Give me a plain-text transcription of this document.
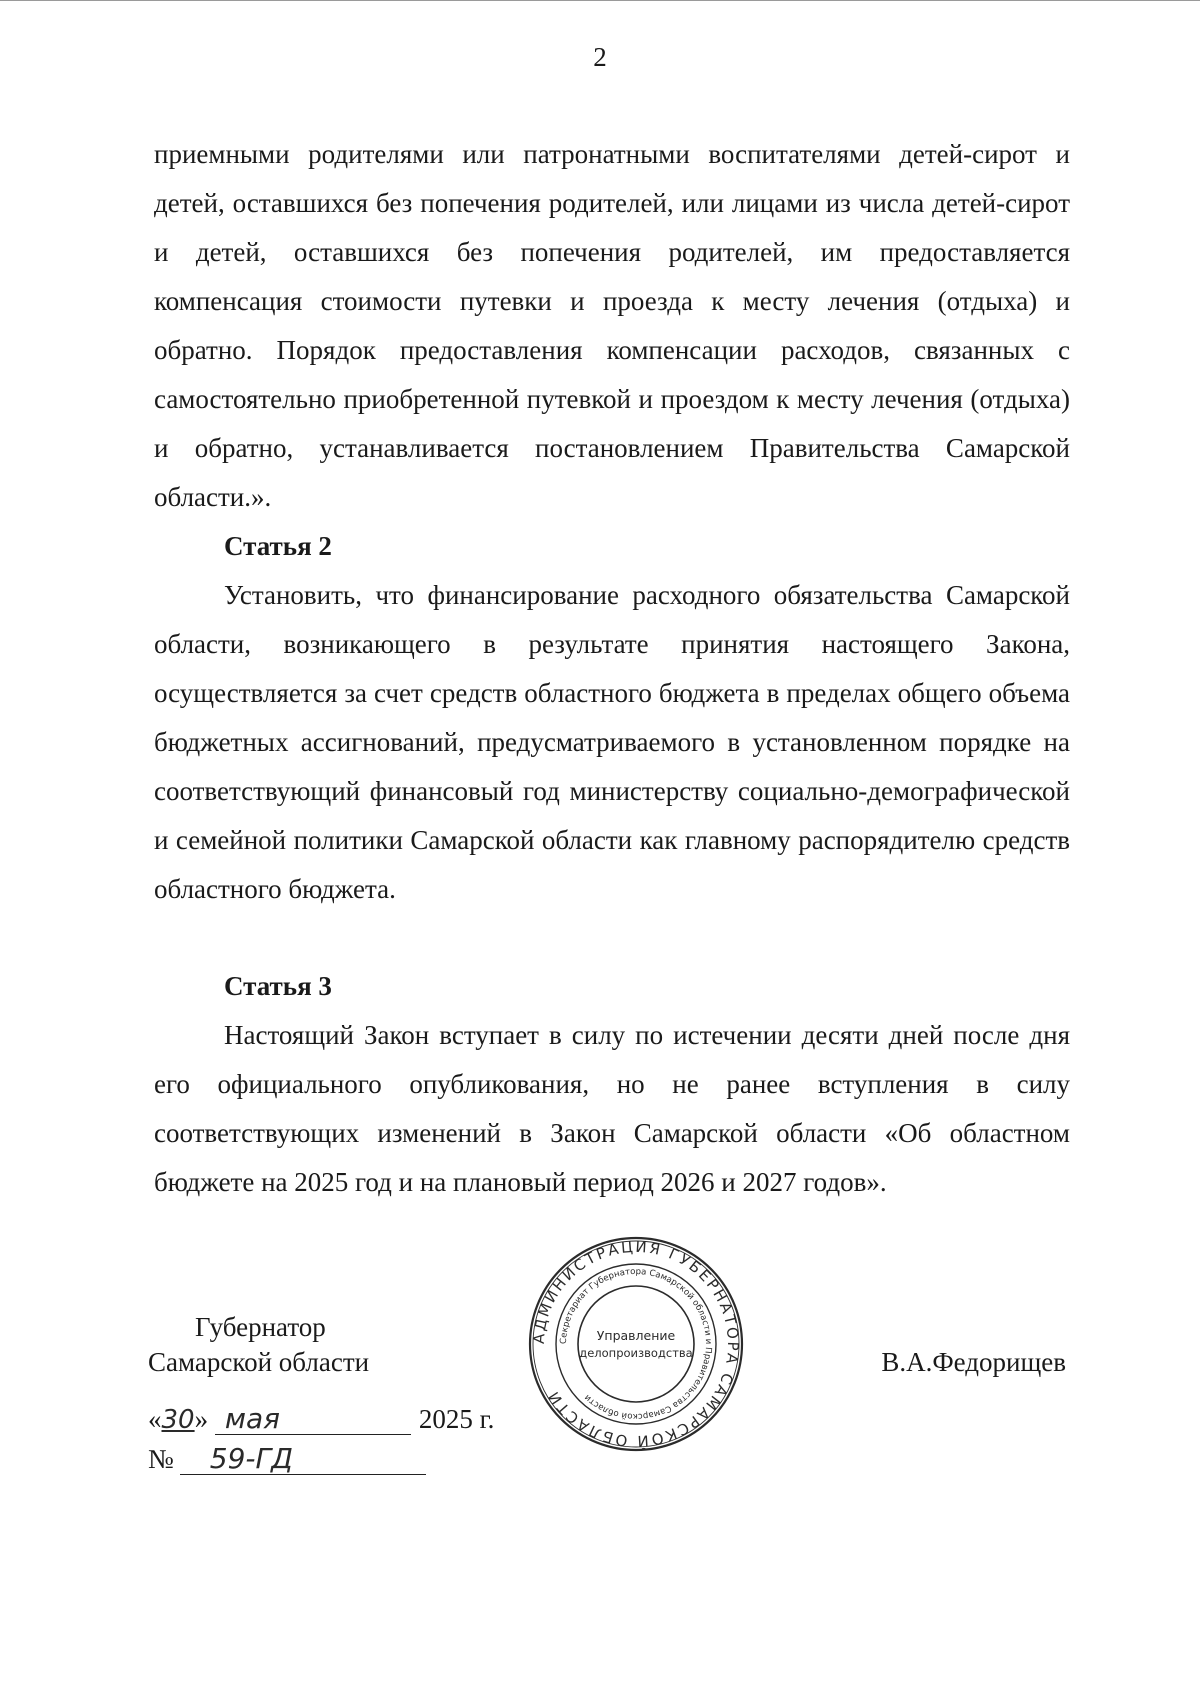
2

приемными родителями или патронатными воспитателями детей-сирот и детей, оставшихся без попечения родителей, или лицами из числа детей-сирот и детей, оставшихся без попечения родителей, им предоставляется компенсация стоимости путевки и проезда к месту лечения (отдыха) и обратно. Порядок предоставления компенсации расходов, связанных с самостоятельно приобретенной путевкой и проездом к месту лечения (отдыха) и обратно, устанавливается постановлением Правительства Самарской области.».

Статья 2

Установить, что финансирование расходного обязательства Самарской области, возникающего в результате принятия настоящего Закона, осуществляется за счет средств областного бюджета в пределах общего объема бюджетных ассигнований, предусматриваемого в установленном порядке на соответствующий финансовый год министерству социально-демографической и семейной политики Самарской области как главному распорядителю средств областного бюджета.

Статья 3

Настоящий Закон вступает в силу по истечении десяти дней после дня его официального опубликования, но не ранее вступления в силу соответствующих изменений в Закон Самарской области «Об областном бюджете на 2025 год и на плановый период 2026 и 2027 годов».

Губернатор
Самарской области
АДМИНИСТРАЦИЯ ГУБЕРНАТОРА САМАРСКОЙ ОБЛАСТИ
Секретариат Губернатора Самарской области и Правительства Самарской области
Управление
делопроизводства	В.А.Федорищев
«30» мая	2025 г.
№ 59-ГД
